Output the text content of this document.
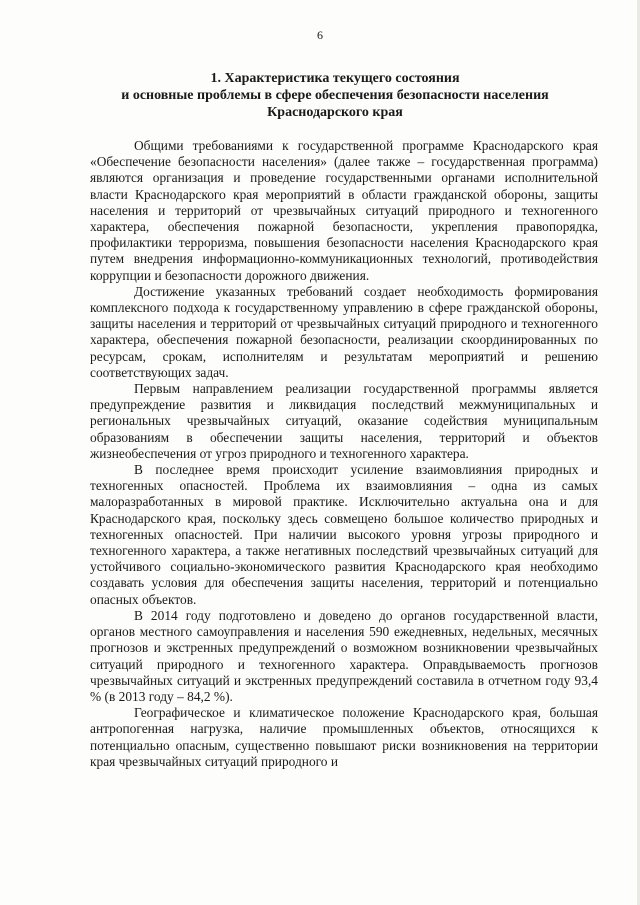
6
1. Характеристика текущего состояния
и основные проблемы в сфере обеспечения безопасности населения
Краснодарского края

Общими требованиями к государственной программе Краснодарского края «Обеспечение безопасности населения» (далее также – государственная программа) являются организация и проведение государственными органами исполнительной власти Краснодарского края мероприятий в области гражданской обороны, защиты населения и территорий от чрезвычайных ситуаций природного и техногенного характера, обеспечения пожарной безопасности, укрепления правопорядка, профилактики терроризма, повышения безопасности населения Краснодарского края путем внедрения информационно-коммуникационных технологий, противодействия коррупции и безопасности дорожного движения.

Достижение указанных требований создает необходимость формирования комплексного подхода к государственному управлению в сфере гражданской обороны, защиты населения и территорий от чрезвычайных ситуаций природного и техногенного характера, обеспечения пожарной безопасности, реализации скоординированных по ресурсам, срокам, исполнителям и результатам мероприятий и решению соответствующих задач.

Первым направлением реализации государственной программы является предупреждение развития и ликвидация последствий межмуниципальных и региональных чрезвычайных ситуаций, оказание содействия муниципальным образованиям в обеспечении защиты населения, территорий и объектов жизнеобеспечения от угроз природного и техногенного характера.

В последнее время происходит усиление взаимовлияния природных и техногенных опасностей. Проблема их взаимовлияния – одна из самых малоразработанных в мировой практике. Исключительно актуальна она и для Краснодарского края, поскольку здесь совмещено большое количество природных и техногенных опасностей. При наличии высокого уровня угрозы природного и техногенного характера, а также негативных последствий чрезвычайных ситуаций для устойчивого социально-экономического развития Краснодарского края необходимо создавать условия для обеспечения защиты населения, территорий и потенциально опасных объектов.

В 2014 году подготовлено и доведено до органов государственной власти, органов местного самоуправления и населения 590 ежедневных, недельных, месячных прогнозов и экстренных предупреждений о возможном возникновении чрезвычайных ситуаций природного и техногенного характера. Оправдываемость прогнозов чрезвычайных ситуаций и экстренных предупреждений составила в отчетном году 93,4 % (в 2013 году – 84,2 %).

Географическое и климатическое положение Краснодарского края, большая антропогенная нагрузка, наличие промышленных объектов, относящихся к потенциально опасным, существенно повышают риски возникновения на территории края чрезвычайных ситуаций природного и
